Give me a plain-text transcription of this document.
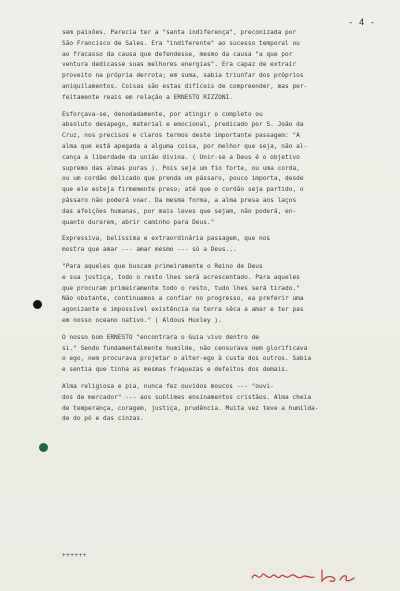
- 4 -
sem paixões. Parecia ter a "santa indiferença", preconizada por
São Francisco de Sales. Era "indiferente" ao sucesso temporal ou
ao fracasso da causa que defendesse, mesmo da causa "a que por
ventura dedicasse suas melhores energias". Era capaz de extrair
proveito na própria derrota; em suma, sabia triunfar dos próprios
aniquilamentos. Coisas são estas difíceis de compreender, mas per-
feitamente reais em relação a ERNESTO RIZZONI.
Esforçava-se, denodadamente, por atingir o completo ou
absoluto desapego, material e emocional, predicado por S. João da
Cruz, nos precisos e claros termos deste importante passagem: "A
alma que está apegada a alguma coisa, por melhor que seja, não al-
cança a liberdade da união divina. ( Unir-se a Deus é o objetivo
supremo das almas puras ). Pois seja um fio forte, ou uma corda,
ou um cordão delicado que prenda um pássaro, pouco importa, desde
que ele esteja firmemente preso; até que o cordão seja partido, o
pássaro não poderá voar. Da mesma forma, a alma presa aos laços
das afeições humanas, por mais leves que sejam, não poderá, en-
quanto durarem, abrir caminho para Deus."
Expressiva, belíssima e extraordinária passagem, que nos
mostra que amar --- amar mesmo --- só a Deus...
"Para aqueles que buscam primeiramente o Reino de Deus
e sua justiça, todo o resto lhes será acrescentado. Para aqueles
que procuram primeiramente todo o resto, tudo lhes será tirado."
Não obstante, continuamos a confiar no progresso, ea preferir uma
agonizante e impossível existência na terra sêca a amar e ter pas
em nosso oceano nativo." ( Aldous Huxley ).
O nosso bom ERNESTO "encontrara o Guia vivo dentro de
si." Sendo fundamentalmente humilde, não censurava nem glorificava
o ego, nem procurava projetar o alter-ego à custa dos outros. Sabia
e sentia que tinha as mesmas fraquezas e defeitos dos demais.
Alma religiosa e pia, nunca fez ouvidos moucos --- "ouvi-
dos de mercador" --- aos sublimes ensinamentos cristãos. Alma cheia
de temperança, coragem, justiça, prudência. Muita vez teve a humilda-
de do pó e das cinzas.
++++++
